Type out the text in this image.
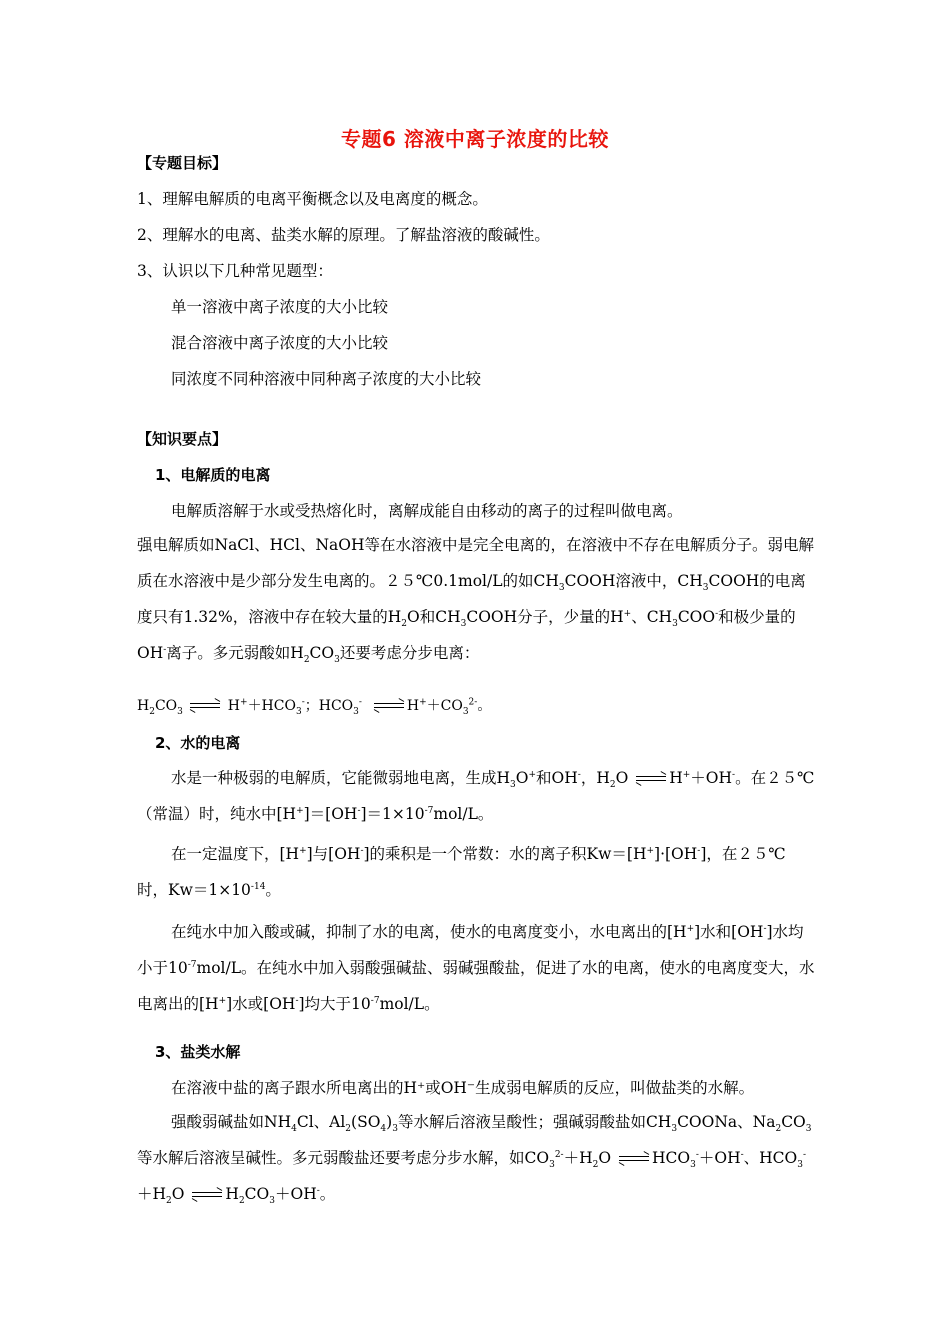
专题6 溶液中离子浓度的比较
【专题目标】
1、理解电解质的电离平衡概念以及电离度的概念。
2、理解水的电离、盐类水解的原理。了解盐溶液的酸碱性。
3、认识以下几种常见题型：
单一溶液中离子浓度的大小比较
混合溶液中离子浓度的大小比较
同浓度不同种溶液中同种离子浓度的大小比较
【知识要点】
1、电解质的电离
电解质溶解于水或受热熔化时，离解成能自由移动的离子的过程叫做电离。
强电解质如NaCl、HCl、NaOH等在水溶液中是完全电离的，在溶液中不存在电解质分子。弱电解质在水溶液中是少部分发生电离的。２５℃0.1mol/L的如$CH_3COOH$溶液中，$CH_3COOH$的电离度只有1.32%，溶液中存在较大量的$H_2O$和$CH_3COOH$分子，少量的H+、$CH_3COO^-$和极少量的OH-离子。多元弱酸如$H_2CO_3$还要考虑分步电离：
$H_2CO_3$	$H^++HCO_3^-$；$HCO_3^-$	$H^++CO_3^{2-}$。
2、水的电离
水是一种极弱的电解质，它能微弱地电离，生成$H_3O^+$和OH-，$H_2O$
H+＋OH-。在２５℃（常温）时，纯水中$[H^+]=[OH^-]=1\times 10^{-7}mol/L$。
在一定温度下，[H+]与[OH-]的乘积是一个常数：水的离子积Kw＝[H+]·[OH-]，在２５℃时，$Kw=1\times 10^{-14}$。
在纯水中加入酸或碱，抑制了水的电离，使水的电离度变小，水电离出的[H+]水和[OH-]水均小于$10^{-7}mol/L$。在纯水中加入弱酸强碱盐、弱碱强酸盐，促进了水的电离，使水的电离度变大，水电离出的[H+]水或[OH-]均大于$10^{-7}mol/L$。
3、盐类水解
在溶液中盐的离子跟水所电离出的H⁺或OH⁻生成弱电解质的反应，叫做盐类的水解。
强酸弱碱盐如$NH_4Cl$、$Al_2(SO_4)_3$等水解后溶液呈酸性；强碱弱酸盐如$CH_3COONa$、$Na_2CO_3$等水解后溶液呈碱性。多元弱酸盐还要考虑分步水解，如$CO_3^{2-}+H_2O$
$HCO_3^-+OH^-$、$HCO_3^-+H_2O$
$H_2CO_3+OH^-$。
